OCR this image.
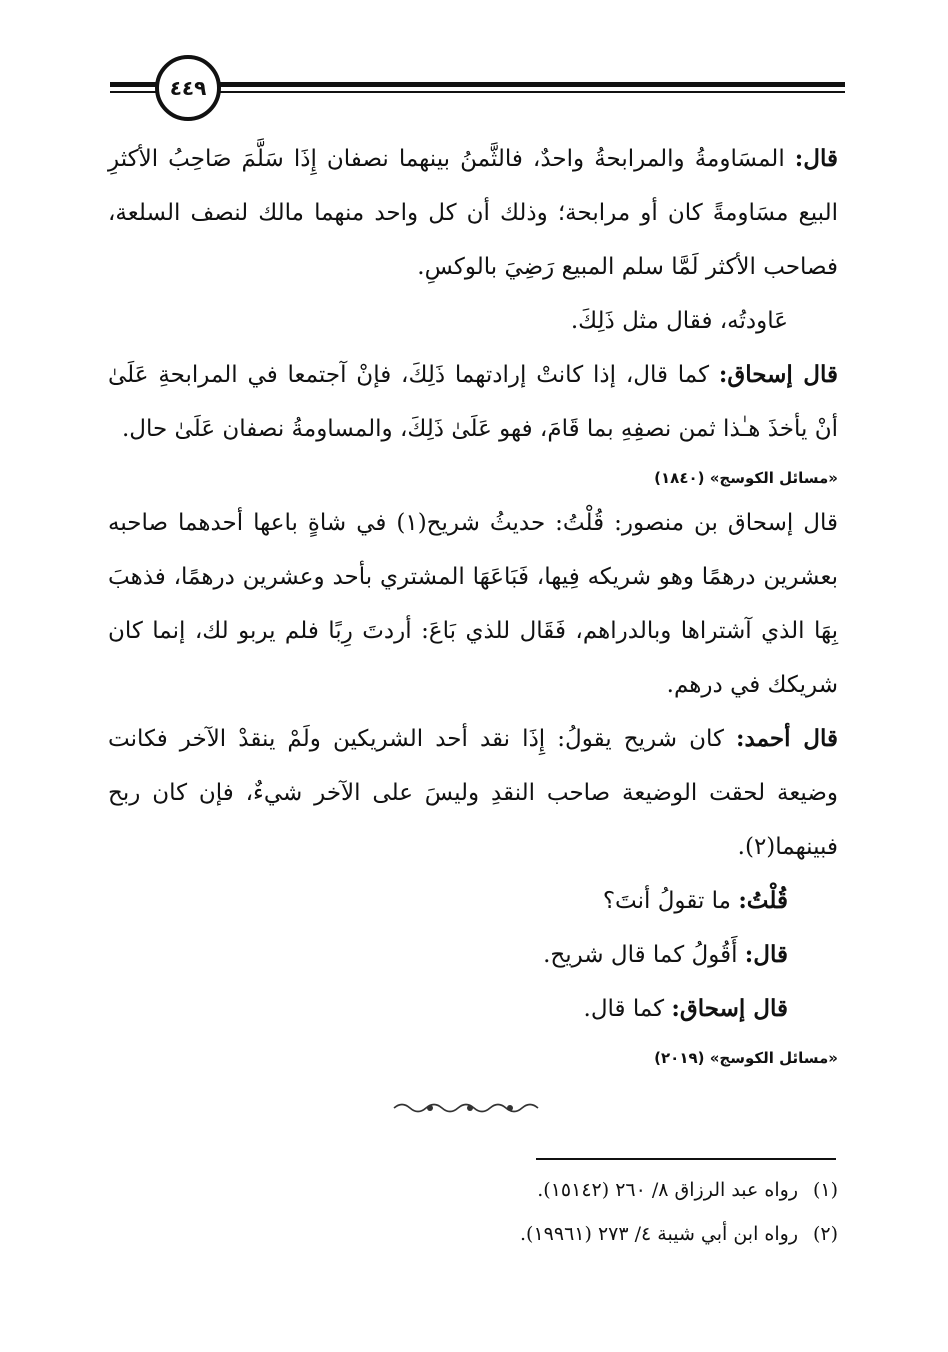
٤٤٩

قال: المسَاومةُ والمرابحةُ واحدٌ، فالثَّمنُ بينهما نصفان إِذَا سَلَّمَ صَاحِبُ الأكثرِ البيع مسَاومةً كان أو مرابحة؛ وذلك أن كل واحد منهما مالك لنصف السلعة، فصاحب الأكثر لَمَّا سلم المبيع رَضِيَ بالوكسِ.

عَاودتُه، فقال مثل ذَلِكَ.

قال إسحاق: كما قال، إذا كانتْ إرادتهما ذَلِكَ، فإنْ آجتمعا في المرابحةِ عَلَىٰ أنْ يأخذَ هـٰذا ثمن نصفِهِ بما قَامَ، فهو عَلَىٰ ذَلِكَ، والمساومةُ نصفان عَلَىٰ حال.

«مسائل الكوسج» (١٨٤٠)

قال إسحاق بن منصور: قُلْتُ: حديثُ شريح(١) في شاةٍ باعها أحدهما صاحبه بعشرين درهمًا وهو شريكه فِيها، فَبَاعَهَا المشتري بأحد وعشرين درهمًا، فذهبَ بِهَا الذي آشتراها وبالدراهم، فَقَال للذي بَاعَ: أردتَ رِبًا فلم يربو لك، إنما كان شريكك في درهم.

قال أحمد: كان شريح يقولُ: إِذَا نقد أحد الشريكين ولَمْ ينقدْ الآخر فكانت وضيعة لحقت الوضيعة صاحب النقدِ وليسَ على الآخر شيءٌ، فإن كان ربح فبينهما(٢).

قُلْتُ: ما تقولُ أنتَ؟

قال: أَقُولُ كما قال شريح.

قال إسحاق: كما قال.

«مسائل الكوسج» (٢٠١٩)

(١)رواه عبد الرزاق ٨/ ٢٦٠ (١٥١٤٢).

(٢)رواه ابن أبي شيبة ٤/ ٢٧٣ (١٩٩٦١).
